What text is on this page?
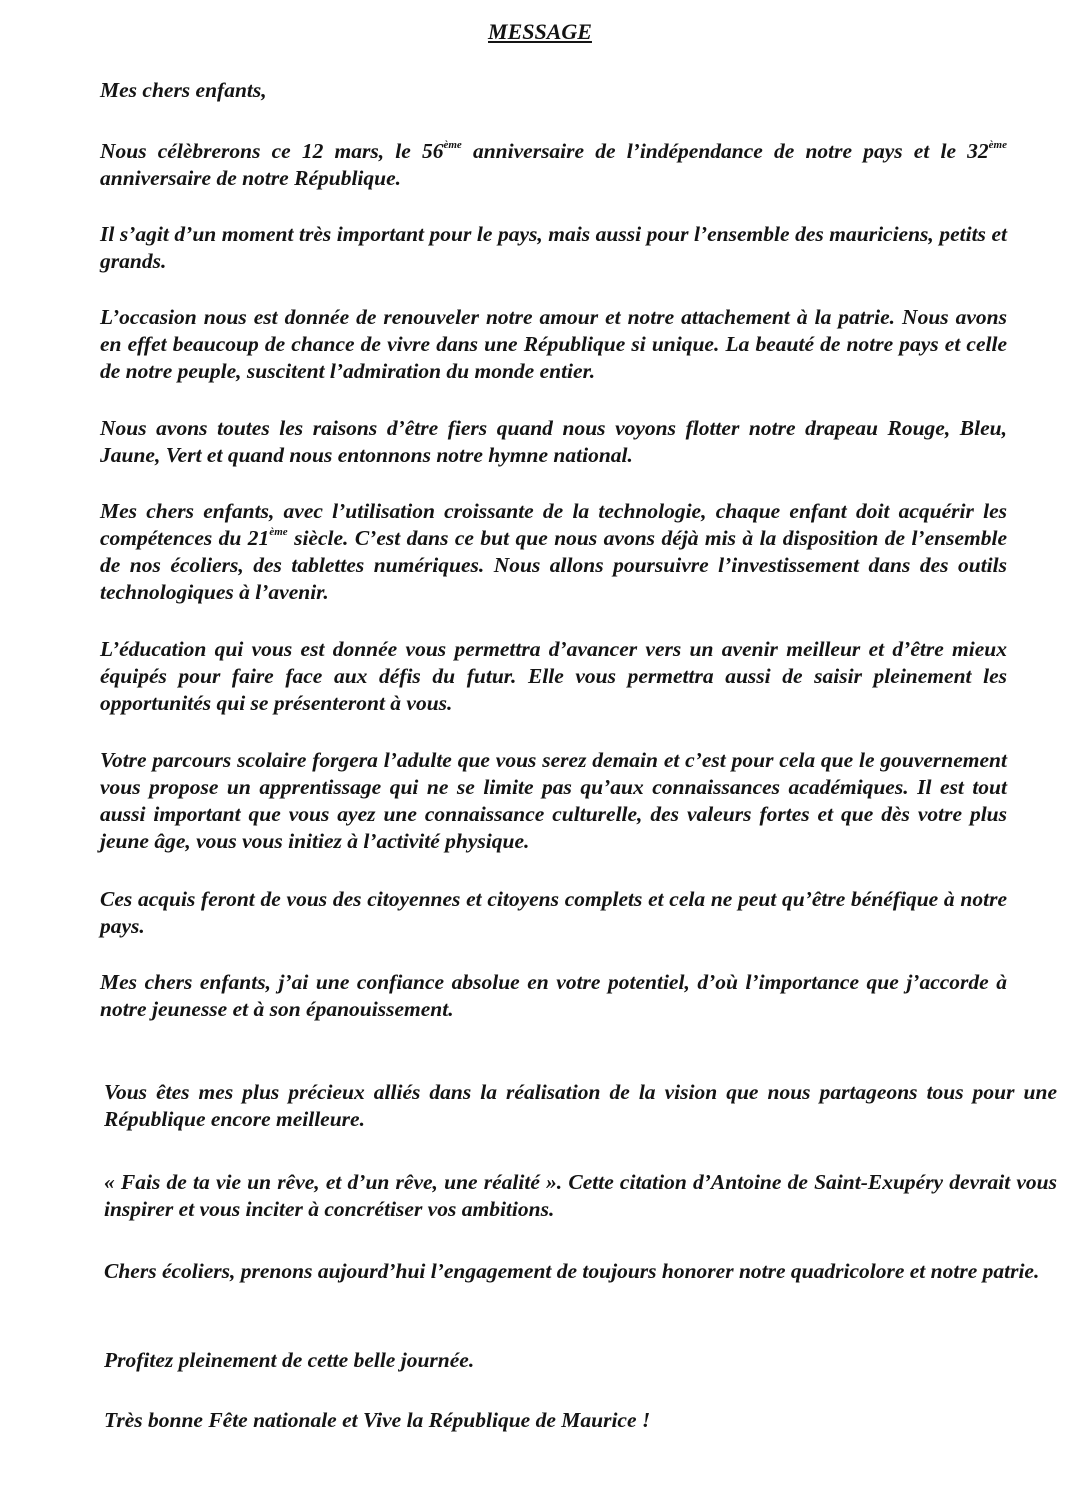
MESSAGE

Mes chers enfants,

Nous célèbrerons ce 12 mars, le 56ème anniversaire de l’indépendance de notre pays et le 32ème anniversaire de notre République.

Il s’agit d’un moment très important pour le pays, mais aussi pour l’ensemble des mauriciens, petits et grands.

L’occasion nous est donnée de renouveler notre amour et notre attachement à la patrie. Nous avons en effet beaucoup de chance de vivre dans une République si unique. La beauté de notre pays et celle de notre peuple, suscitent l’admiration du monde entier.

Nous avons toutes les raisons d’être fiers quand nous voyons flotter notre drapeau Rouge, Bleu, Jaune, Vert et quand nous entonnons notre hymne national.

Mes chers enfants, avec l’utilisation croissante de la technologie, chaque enfant doit acquérir les compétences du 21ème siècle. C’est dans ce but que nous avons déjà mis à la disposition de l’ensemble de nos écoliers, des tablettes numériques. Nous allons poursuivre l’investissement dans des outils technologiques à l’avenir.

L’éducation qui vous est donnée vous permettra d’avancer vers un avenir meilleur et d’être mieux équipés pour faire face aux défis du futur. Elle vous permettra aussi de saisir pleinement les opportunités qui se présenteront à vous.

Votre parcours scolaire forgera l’adulte que vous serez demain et c’est pour cela que le gouvernement vous propose un apprentissage qui ne se limite pas qu’aux connaissances académiques. Il est tout aussi important que vous ayez une connaissance culturelle, des valeurs fortes et que dès votre plus jeune âge, vous vous initiez à l’activité physique.

Ces acquis feront de vous des citoyennes et citoyens complets et cela ne peut qu’être bénéfique à notre pays.

Mes chers enfants, j’ai une confiance absolue en votre potentiel, d’où l’importance que j’accorde à notre jeunesse et à son épanouissement.

Vous êtes mes plus précieux alliés dans la réalisation de la vision que nous partageons tous pour une République encore meilleure.

« Fais de ta vie un rêve, et d’un rêve, une réalité ». Cette citation d’Antoine de Saint-Exupéry devrait vous inspirer et vous inciter à concrétiser vos ambitions.

Chers écoliers, prenons aujourd’hui l’engagement de toujours honorer notre quadricolore et notre patrie.

Profitez pleinement de cette belle journée.

Très bonne Fête nationale et Vive la République de Maurice !
